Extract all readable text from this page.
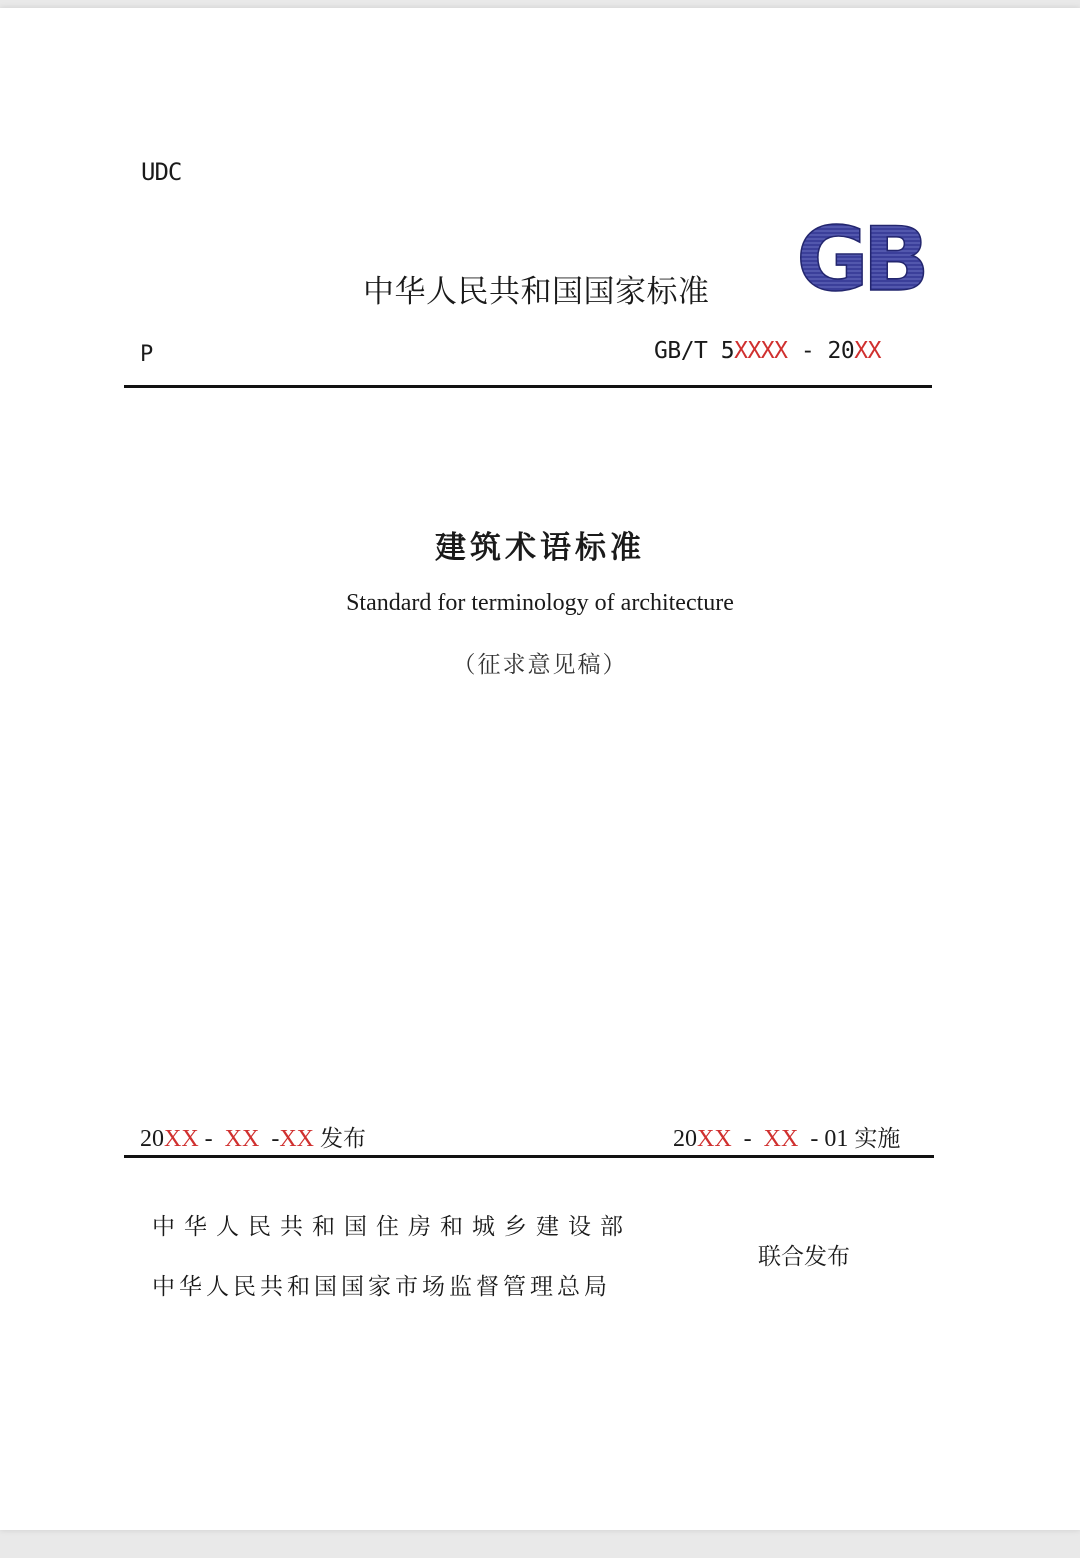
UDC

中华人民共和国国家标准 GB

P	GB/T 5XXXX - 20XX

建筑术语标准

Standard for terminology of architecture

（征求意见稿）

20XX -  XX  -XX 发布	20XX  -  XX  - 01 实施

中华人民共和国住房和城乡建设部

中华人民共和国国家市场监督管理总局

联合发布
